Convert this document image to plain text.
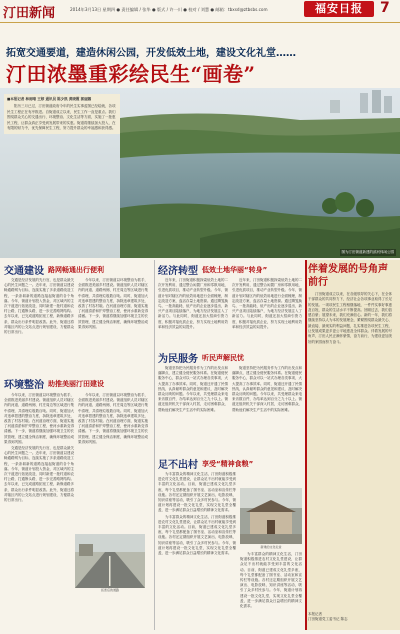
汀田新闻	2014年3月13日 星期四 ● 责任编辑 / 张华 ● 版式 / 许一川 ● 校对 / 刘慧 ● 邮箱：tbxsd@ztbsbs.com	福安日报	7
拓宽交通要道，建造休闲公园，开发低效土地，建设文化礼堂……
汀田浓墨重彩绘民生“画卷”
图为汀田街道新建的滨河休闲公园
■本报记者 林雨晴 王婷 通讯员 陈少凯 黄晓霞 郭丽娜

阳历三月已过，汀田街道政府今年的民生实事蓝图已经绘就，各项民生工程正在有序推进。自街道成立以来，民生工作一直是重点。我们围绕群众关心的交通出行、环境整治、文化生活等方面，实施了一批惠民工程，让群众真正享受到发展带来的实惠。街道将继续加大投入，在有限的财力中，优先保障民生工程，努力提升群众的幸福感和获得感。

交通建设 路网畅通出行便利

交通是经济发展的先行官，也是群众最关心的民生问题之一。近年来，汀田街道以建设畅通路网为目标，连续实施了多条道路改造工程，一条条崭新的道路连接起街道的各个角落。今年，街道计划投入资金，对区域内的主次干道进行拓宽改造，同时新建一批村道和农村公路，打通断头路，进一步完善路网结构。去年以来，已完成道路拓宽工程，新修道路多条，群众出行条件明显改善。此外，街道还将对辖区内的公交站点进行规划建设，方便群众的日常出行。

今年以来，汀田街道以环境整治为抓手，全面推进美丽乡村建设。街道组织人员对辖区内的河道、道路两侧、村庄周边等区域进行集中清理，共清理垃圾数百吨。同时，街道加大对违章搭建的整治力度，拆除违章建筑多处，改善了村容村貌。在河道治理方面，街道实施了河道清淤和护岸整治工程，使河水重新变得清澈。下一步，街道将继续加强环境卫生的长效管理，建立健全保洁制度，确保环境整治成果得到巩固。

环境整治 助推美丽汀田建设

今年以来，汀田街道以环境整治为抓手，全面推进美丽乡村建设。街道组织人员对辖区内的河道、道路两侧、村庄周边等区域进行集中清理，共清理垃圾数百吨。同时，街道加大对违章搭建的整治力度，拆除违章建筑多处，改善了村容村貌。在河道治理方面，街道实施了河道清淤和护岸整治工程，使河水重新变得清澈。下一步，街道将继续加强环境卫生的长效管理，建立健全保洁制度，确保环境整治成果得到巩固。

交通是经济发展的先行官，也是群众最关心的民生问题之一。近年来，汀田街道以建设畅通路网为目标，连续实施了多条道路改造工程，一条条崭新的道路连接起街道的各个角落。今年，街道计划投入资金，对区域内的主次干道进行拓宽改造，同时新建一批村道和农村公路，打通断头路，进一步完善路网结构。去年以来，已完成道路拓宽工程，新修道路多条，群众出行条件明显改善。此外，街道还将对辖区内的公交站点进行规划建设，方便群众的日常出行。

今年以来，汀田街道以环境整治为抓手，全面推进美丽乡村建设。街道组织人员对辖区内的河道、道路两侧、村庄周边等区域进行集中清理，共清理垃圾数百吨。同时，街道加大对违章搭建的整治力度，拆除违章建筑多处，改善了村容村貌。在河道治理方面，街道实施了河道清淤和护岸整治工程，使河水重新变得清澈。下一步，街道将继续加强环境卫生的长效管理，建立健全保洁制度，确保环境整治成果得到巩固。

拓宽后的道路
经济转型 低效土地华丽“转身”

近年来，汀田街道积极探索低效土地的二次开发利用，通过整合闲置厂房和零散用地，引进优质项目，推动产业转型升级。今年，街道计划对辖区内的低效用地进行全面梳理，制定改造方案，盘活存量土地资源。通过腾笼换鸟，一批高能耗、低产出的企业逐步退出，新兴产业项目陆续落户，为地方经济发展注入了新活力。与此同时，街道还加大招商引资力度，积极对接优质企业，努力实现土地利用效率和经济效益的双提升。

近年来，汀田街道积极探索低效土地的二次开发利用，通过整合闲置厂房和零散用地，引进优质项目，推动产业转型升级。今年，街道计划对辖区内的低效用地进行全面梳理，制定改造方案，盘活存量土地资源。通过腾笼换鸟，一批高能耗、低产出的企业逐步退出，新兴产业项目陆续落户，为地方经济发展注入了新活力。与此同时，街道还加大招商引资力度，积极对接优质企业，努力实现土地利用效率和经济效益的双提升。

为民服务 听民声解民忧

街道坚持把为民服务作为工作的出发点和落脚点，建立健全便民服务体系。在街道便民服务中心，群众可以一站式办理各类事项，大大提高了办事效率。同时，街道还开通了民情热线，认真倾听群众的意见和建议，及时解决群众反映的问题。今年以来，共受理群众来电来访数百件，办结率达到百分之九十以上。街道还组织机关干部深入村居，走访困难群众，帮助他们解决生产生活中的实际困难。

街道坚持把为民服务作为工作的出发点和落脚点，建立健全便民服务体系。在街道便民服务中心，群众可以一站式办理各类事项，大大提高了办事效率。同时，街道还开通了民情热线，认真倾听群众的意见和建议，及时解决群众反映的问题。今年以来，共受理群众来电来访数百件，办结率达到百分之九十以上。街道还组织机关干部深入村居，走访困难群众，帮助他们解决生产生活中的实际困难。

足不出村 享受“精神食粮”

为丰富群众的精神文化生活，汀田街道积极推进农村文化礼堂建设，让群众足不出村就能享受到丰富的文化活动。目前，街道已建成文化礼堂多座，每个礼堂都配备了图书室、活动室和宣传栏等设施。各村还定期组织开展文艺演出、电影放映、知识讲座等活动，吸引了众多村民参与。今年，街道计划再建设一批文化礼堂，实现文化礼堂全覆盖，进一步满足群众日益增长的精神文化需求。

为丰富群众的精神文化生活，汀田街道积极推进农村文化礼堂建设，让群众足不出村就能享受到丰富的文化活动。目前，街道已建成文化礼堂多座，每个礼堂都配备了图书室、活动室和宣传栏等设施。各村还定期组织开展文艺演出、电影放映、知识讲座等活动，吸引了众多村民参与。今年，街道计划再建设一批文化礼堂，实现文化礼堂全覆盖，进一步满足群众日益增长的精神文化需求。	为丰富群众的精神文化生活，汀田街道积极推进农村文化礼堂建设，让群众足不出村就能享受到丰富的文化活动。目前，街道已建成文化礼堂多座，每个礼堂都配备了图书室、活动室和宣传栏等设施。各村还定期组织开展文艺演出、电影放映、知识讲座等活动，吸引了众多村民参与。今年，街道计划再建设一批文化礼堂，实现文化礼堂全覆盖，进一步满足群众日益增长的精神文化需求。

新建的文化礼堂
伴着发展的号角声前行

汀田街道成立以来，在各级领导的关心下，在全体干部群众的共同努力下，经济社会各项事业取得了长足的发展。一项项民生工程相继落地，一件件实事好事惠及百姓，群众的生活水平不断提高。回顾过去，我们倍感自豪；展望未来，我们充满信心。新的一年，我们将继续坚持以人为本的发展理念，紧紧围绕群众最关心、最直接、最现实的利益问题，扎实推进各项民生工程，让发展成果更多更公平地惠及全体群众。伴着发展的号角声，汀田人民正满怀豪情，奋力前行，为建设更加美好的家园而努力奋斗。

本报记者
汀田街道党工委书记 陈志
